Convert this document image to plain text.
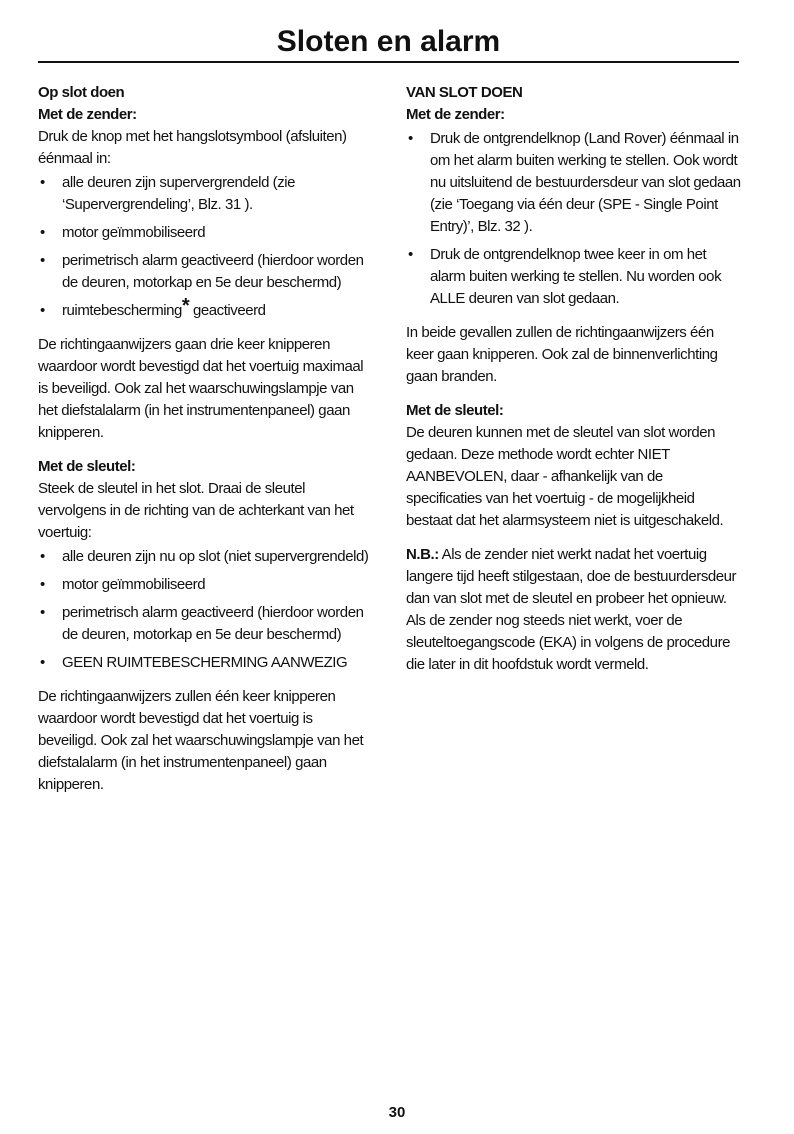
Sloten en alarm

Op slot doen

Met de zender:

Druk de knop met het hangslotsymbool (afsluiten) éénmaal in:

• alle deuren zijn supervergrendeld (zie ‘Supervergrendeling’, Blz. 31 ).
• motor geïmmobiliseerd
• perimetrisch alarm geactiveerd (hierdoor worden de deuren, motorkap en 5e deur beschermd)
• ruimtebescherming* geactiveerd

De richtingaanwijzers gaan drie keer knipperen waardoor wordt bevestigd dat het voertuig maximaal is beveiligd. Ook zal het waarschuwingslampje van het diefstalalarm (in het instrumentenpaneel) gaan knipperen.

Met de sleutel:

Steek de sleutel in het slot. Draai de sleutel vervolgens in de richting van de achterkant van het voertuig:

• alle deuren zijn nu op slot (niet supervergrendeld)
• motor geïmmobiliseerd
• perimetrisch alarm geactiveerd (hierdoor worden de deuren, motorkap en 5e deur beschermd)
• GEEN RUIMTEBESCHERMING AANWEZIG

De richtingaanwijzers zullen één keer knipperen waardoor wordt bevestigd dat het voertuig is beveiligd. Ook zal het waarschuwingslampje van het diefstalalarm (in het instrumentenpaneel) gaan knipperen.

VAN SLOT DOEN

Met de zender:

• Druk de ontgrendelknop (Land Rover) éénmaal in om het alarm buiten werking te stellen. Ook wordt nu uitsluitend de bestuurdersdeur van slot gedaan (zie ‘Toegang via één deur (SPE - Single Point Entry)’, Blz. 32 ).
• Druk de ontgrendelknop twee keer in om het alarm buiten werking te stellen. Nu worden ook ALLE deuren van slot gedaan.

In beide gevallen zullen de richtingaanwijzers één keer gaan knipperen. Ook zal de binnenverlichting gaan branden.

Met de sleutel:

De deuren kunnen met de sleutel van slot worden gedaan. Deze methode wordt echter NIET AANBEVOLEN, daar - afhankelijk van de specificaties van het voertuig - de mogelijkheid bestaat dat het alarmsysteem niet is uitgeschakeld.

N.B.: Als de zender niet werkt nadat het voertuig langere tijd heeft stilgestaan, doe de bestuurdersdeur dan van slot met de sleutel en probeer het opnieuw. Als de zender nog steeds niet werkt, voer de sleuteltoegangscode (EKA) in volgens de procedure die later in dit hoofdstuk wordt vermeld.

30
